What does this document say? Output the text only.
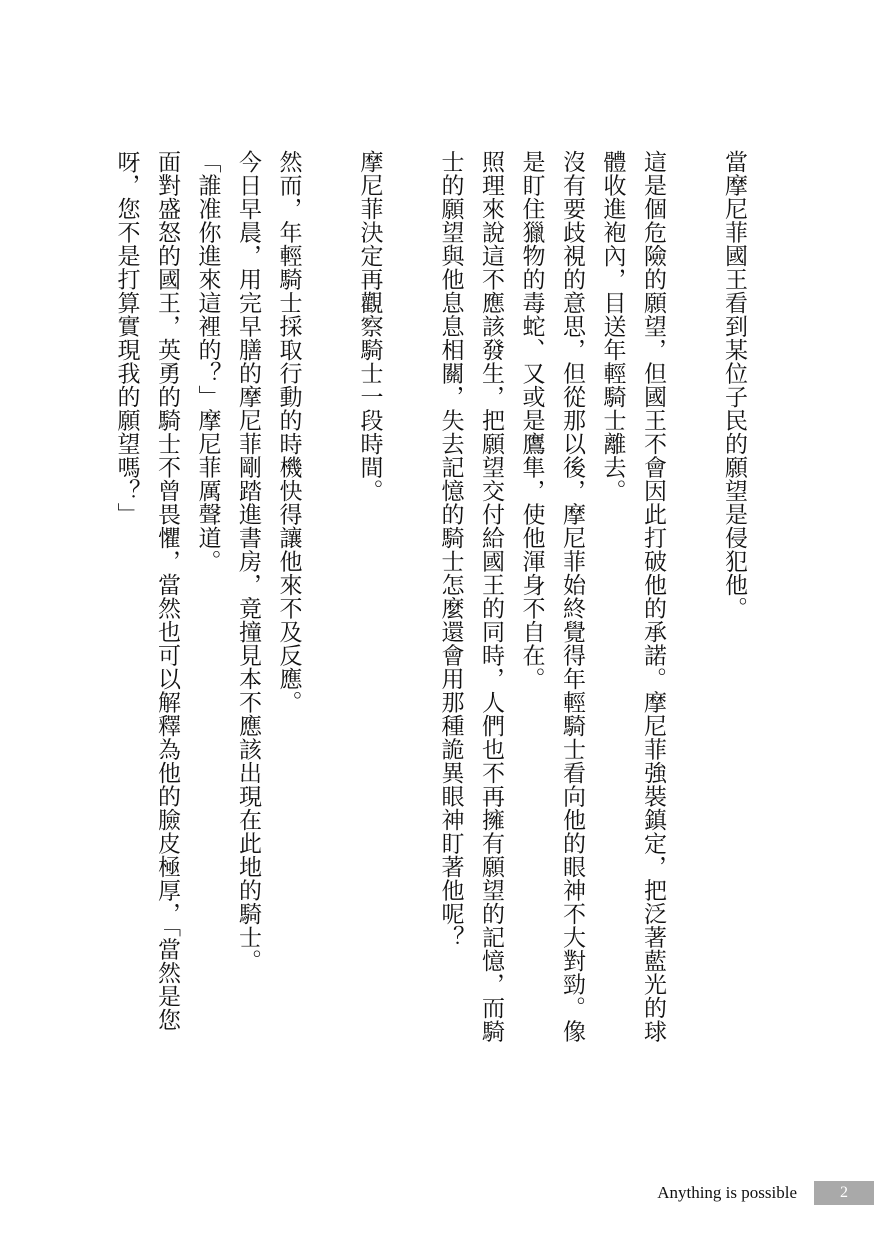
當摩尼菲國王看到某位子民的願望是侵犯他。

這是個危險的願望，但國王不會因此打破他的承諾。摩尼菲強裝鎮定，把泛著藍光的球體收進袍內，目送年輕騎士離去。

沒有要歧視的意思，但從那以後，摩尼菲始終覺得年輕騎士看向他的眼神不大對勁。像是盯住獵物的毒蛇、又或是鷹隼，使他渾身不自在。

照理來說這不應該發生，把願望交付給國王的同時，人們也不再擁有願望的記憶，而騎士的願望與他息息相關，失去記憶的騎士怎麼還會用那種詭異眼神盯著他呢？

摩尼菲決定再觀察騎士一段時間。

然而，年輕騎士採取行動的時機快得讓他來不及反應。

今日早晨，用完早膳的摩尼菲剛踏進書房，竟撞見本不應該出現在此地的騎士。

「誰准你進來這裡的？」摩尼菲厲聲道。

面對盛怒的國王，英勇的騎士不曾畏懼，當然也可以解釋為他的臉皮極厚，「當然是您呀，您不是打算實現我的願望嗎？」

Anything is possible	2
